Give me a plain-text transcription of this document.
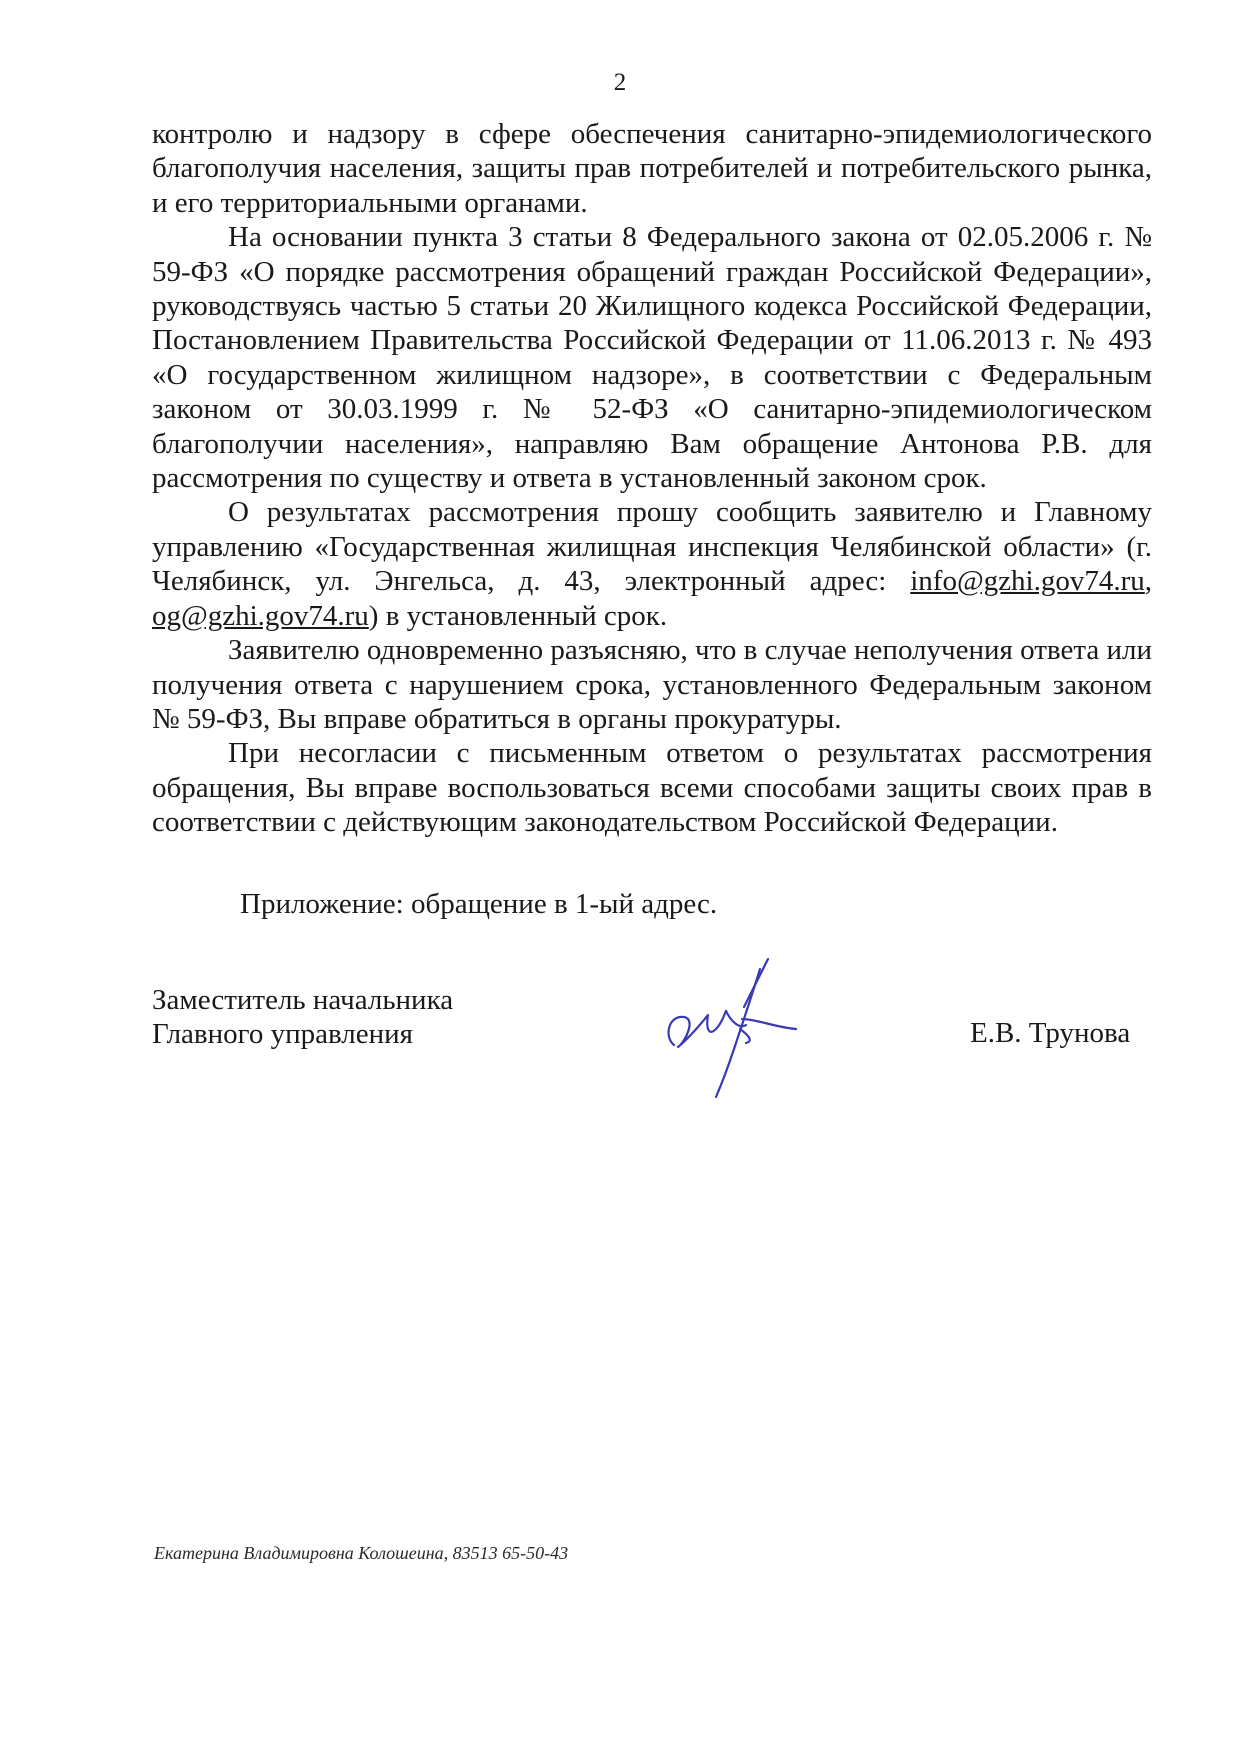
2

контролю и надзору в сфере обеспечения санитарно-эпидемиологического благополучия населения, защиты прав потребителей и потребительского рынка, и его территориальными органами.

На основании пункта 3 статьи 8 Федерального закона от 02.05.2006 г. № 59-ФЗ «О порядке рассмотрения обращений граждан Российской Федерации», руководствуясь частью 5 статьи 20 Жилищного кодекса Российской Федерации, Постановлением Правительства Российской Федерации от 11.06.2013 г. № 493 «О государственном жилищном надзоре», в соответствии с Федеральным законом от 30.03.1999 г. № 52-ФЗ «О санитарно-эпидемиологическом благополучии населения», направляю Вам обращение Антонова Р.В. для рассмотрения по существу и ответа в установленный законом срок.

О результатах рассмотрения прошу сообщить заявителю и Главному управлению «Государственная жилищная инспекция Челябинской области» (г. Челябинск, ул. Энгельса, д. 43, электронный адрес: info@gzhi.gov74.ru, og@gzhi.gov74.ru) в установленный срок.

Заявителю одновременно разъясняю, что в случае неполучения ответа или получения ответа с нарушением срока, установленного Федеральным законом № 59-ФЗ, Вы вправе обратиться в органы прокуратуры.

При несогласии с письменным ответом о результатах рассмотрения обращения, Вы вправе воспользоваться всеми способами защиты своих прав в соответствии с действующим законодательством Российской Федерации.

Приложение: обращение в 1-ый адрес.
Заместитель начальника
Главного управления	Е.В. Трунова
Екатерина Владимировна Колошеина, 83513 65-50-43
